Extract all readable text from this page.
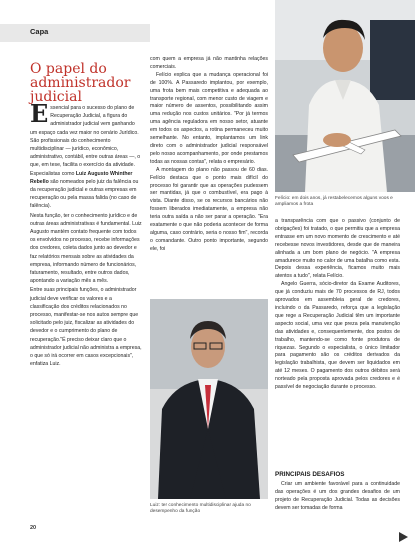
Capa
O papel do administrador judicial

Essencial para o sucesso do plano de Recuperação Judicial, a figura do administrador judicial vem ganhando um espaço cada vez maior no cenário Jurídico. São profissionais do conhecimento multidisciplinar — jurídico, econômico, administrativo, contábil, entre outras áreas —, o que, em tese, facilita o exercício da atividade. Especialistas como Luiz Augusto Whinther Rebello são nomeados pelo juiz da falência ou da recuperação judicial e outras empresas em recuperação ou pela massa falida (no caso de falência).

Nesta função, ter o conhecimento jurídico e de outras áreas administrativas é fundamental. Luiz Augusto mantém contato frequente com todos os envolvidos no processo, recebe informações dos credores, coleta dados junto ao devedor e faz relatórios mensais sobre as atividades da empresa, informando número de funcionários, faturamento, resultado, entre outros dados, apontando a variação mês a mês.

Entre suas principais funções, o administrador judicial deve verificar os valores e a classificação dos créditos relacionados no processo, manifestar-se nos autos sempre que solicitado pelo juiz, fiscalizar as atividades do devedor e o cumprimento do plano de recuperação."É preciso deixar claro que o administrador judicial não administra a empresa, o que só irá ocorrer em casos excepcionais", enfatiza Luiz.

com quem a empresa já não mantinha relações comerciais.

Felício explica que a mudança operacional foi de 100%. A Passaredo implantou, por exemplo, uma frota bem mais competitiva e adequada ao transporte regional, com menor custo de viagem e maior número de assentos, possibilitando assim uma redução nos custos unitários. "Por já termos uma agência reguladora em nosso setor, atuante em todos os aspectos, a rotina permaneceu muito semelhante. No entanto, implantamos um link direto com o administrador judicial responsável pelo nosso acompanhamento, por onde prestamos todas as nossas contas", relata o empresário.

A montagem do plano não passou de 60 dias. Felício destaca que o ponto mais difícil do processo foi garantir que as operações pudessem ser mantidas, já que o combustível, era pago à vista. Diante disso, se os recursos bancários não fossem liberados imediatamente, a empresa não teria outra saída a não ser parar a operação. "Era exatamente o que não poderia acontecer de forma alguma, caso contrário, seria o nosso fim", recorda o comandante. Outro ponto importante, segundo ele, foi

Felício: em dois anos, já restabelecemos alguns voos e ampliamos a frota

a transparência com que o passivo (conjunto de obrigações) foi tratado, o que permitiu que a empresa entrasse em um novo momento de crescimento e até recebesse novos investidores, desde que de maneira alinhada a um bom plano de negócio. "A empresa amadurece muito no calor de uma batalha como esta. Depois dessa experiência, ficamos muito mais atentos a tudo", relata Felício.

Angelo Guerra, sócio-diretor da Exame Auditores, que já conduziu mais de 70 processos de RJ, todos aprovados em assembleia geral de credores, incluindo o da Passaredo, reforça que a legislação que rege a Recuperação Judicial têm um importante aspecto social, uma vez que preza pela manutenção das atividades e, consequentemente, dos postos de trabalho, mantendo-se como fonte produtora de riquezas. Segundo o especialista, o único limitador para pagamento são os créditos derivados da legislação trabalhista, que devem ser liquidados em até 12 meses. O pagamento dos outros débitos será norteado pela proposta aprovada pelos credores e é passível de negociação durante o processo.

PRINCIPAIS DESAFIOS

Criar um ambiente favorável para a continuidade das operações é um dos grandes desafios de um projeto de Recuperação Judicial. Todas as decisões devem ser tomadas de forma

Luiz: ter conhecimento multidisciplinar ajuda no desempenho da função
20
